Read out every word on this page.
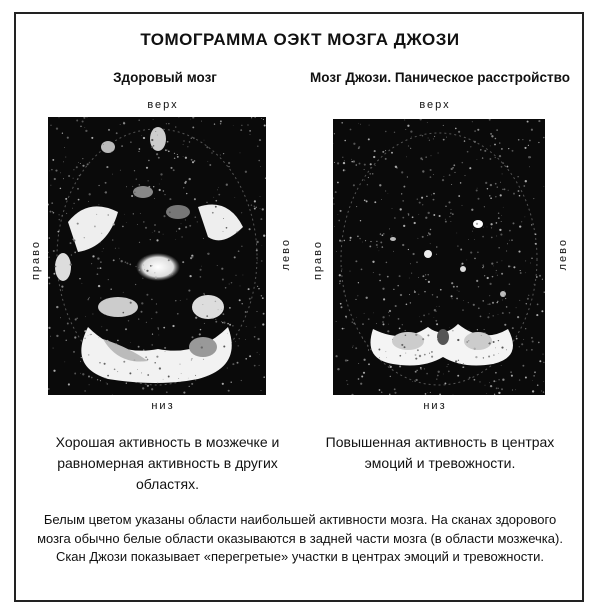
ТОМОГРАММА ОЭКТ МОЗГА ДЖОЗИ
Здоровый мозг	Мозг Джози. Паническое расстройство
верх
низ
право	лево
верх
низ
право	лево
Хорошая активность в мозжечке и равномерная активность в других областях.
Повышенная активность в центрах эмоций и тревожности.
Белым цветом указаны области наибольшей активности мозга. На сканах здорового мозга обычно белые области оказываются в задней части мозга (в области мозжечка). Скан Джози показывает «перегретые» участки в центрах эмоций и тревожности.
